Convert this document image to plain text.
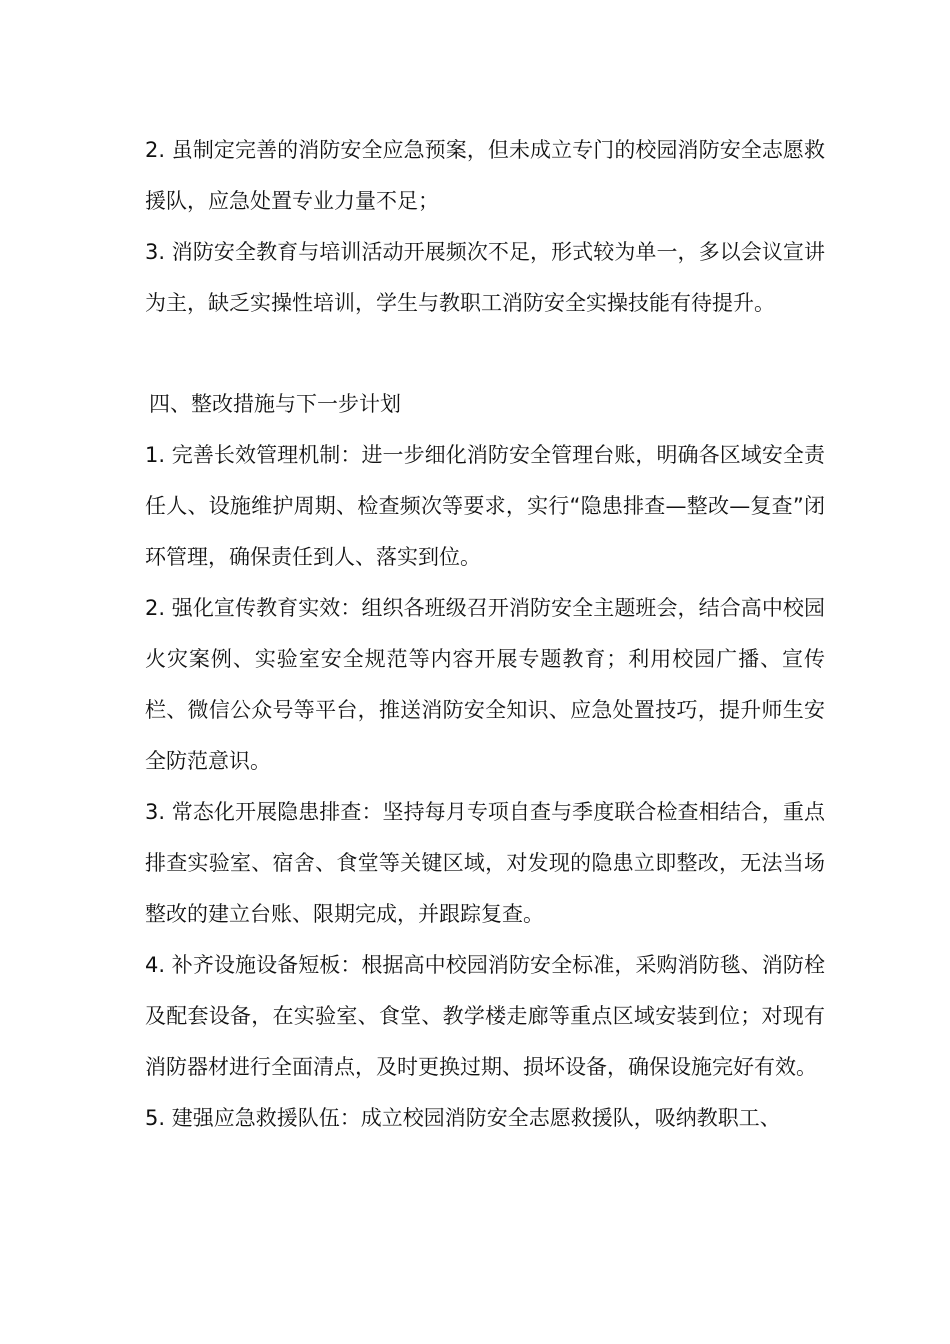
2. 虽制定完善的消防安全应急预案，但未成立专门的校园消防安全志愿救援队，应急处置专业力量不足；

3. 消防安全教育与培训活动开展频次不足，形式较为单一，多以会议宣讲为主，缺乏实操性培训，学生与教职工消防安全实操技能有待提升。

四、整改措施与下一步计划

1. 完善长效管理机制：进一步细化消防安全管理台账，明确各区域安全责任人、设施维护周期、检查频次等要求，实行“隐患排查—整改—复查”闭环管理，确保责任到人、落实到位。

2. 强化宣传教育实效：组织各班级召开消防安全主题班会，结合高中校园火灾案例、实验室安全规范等内容开展专题教育；利用校园广播、宣传栏、微信公众号等平台，推送消防安全知识、应急处置技巧，提升师生安全防范意识。

3. 常态化开展隐患排查：坚持每月专项自查与季度联合检查相结合，重点排查实验室、宿舍、食堂等关键区域，对发现的隐患立即整改，无法当场整改的建立台账、限期完成，并跟踪复查。

4. 补齐设施设备短板：根据高中校园消防安全标准，采购消防毯、消防栓及配套设备，在实验室、食堂、教学楼走廊等重点区域安装到位；对现有消防器材进行全面清点，及时更换过期、损坏设备，确保设施完好有效。

5. 建强应急救援队伍：成立校园消防安全志愿救援队，吸纳教职工、
